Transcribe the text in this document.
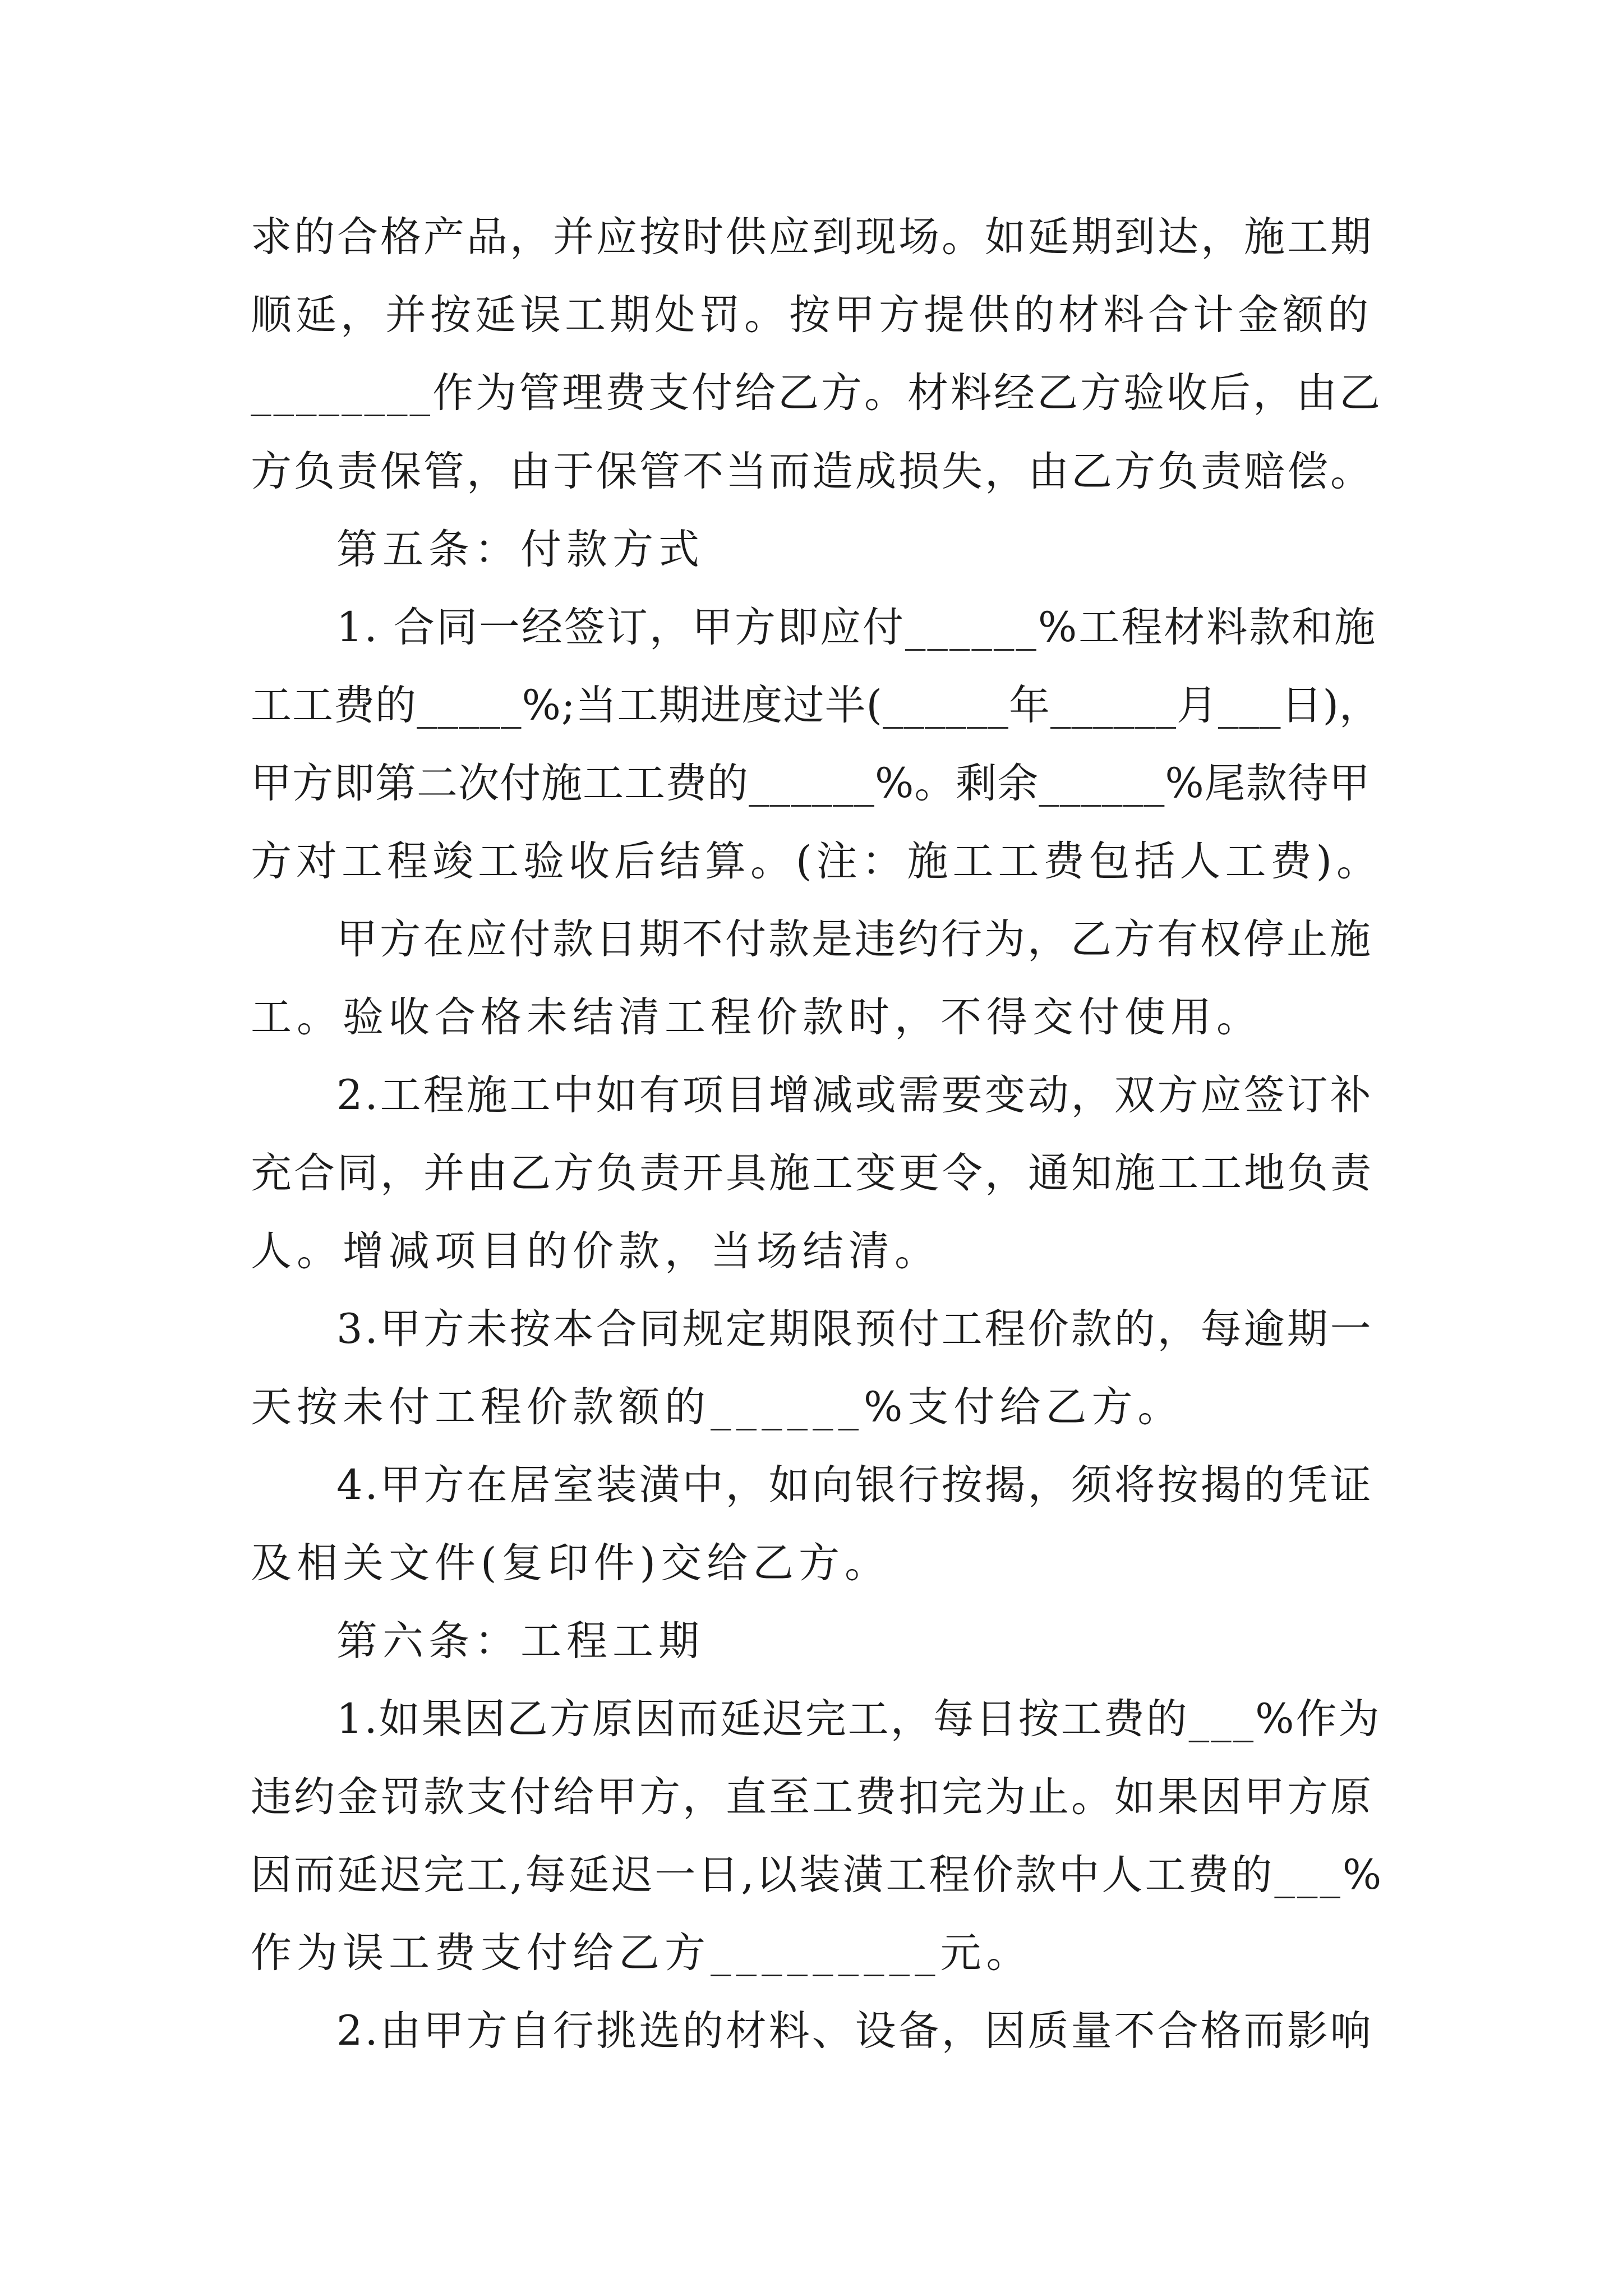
求的合格产品，并应按时供应到现场。如延期到达，施工期
顺延，并按延误工期处罚。按甲方提供的材料合计金额的
________作为管理费支付给乙方。材料经乙方验收后，由乙
方负责保管，由于保管不当而造成损失，由乙方负责赔偿。
第五条：付款方式
1. 合同一经签订，甲方即应付______%工程材料款和施
工工费的_____%;当工期进度过半(______年______月___日)，
甲方即第二次付施工工费的______%。剩余______%尾款待甲
方对工程竣工验收后结算。(注：施工工费包括人工费)。
甲方在应付款日期不付款是违约行为，乙方有权停止施
工。验收合格未结清工程价款时，不得交付使用。
2.工程施工中如有项目增减或需要变动，双方应签订补
充合同，并由乙方负责开具施工变更令，通知施工工地负责
人。增减项目的价款，当场结清。
3.甲方未按本合同规定期限预付工程价款的，每逾期一
天按未付工程价款额的______%支付给乙方。
4.甲方在居室装潢中，如向银行按揭，须将按揭的凭证
及相关文件(复印件)交给乙方。
第六条：工程工期
1.如果因乙方原因而延迟完工，每日按工费的___%作为
违约金罚款支付给甲方，直至工费扣完为止。如果因甲方原
因而延迟完工,每延迟一日,以装潢工程价款中人工费的___%
作为误工费支付给乙方_________元。
2.由甲方自行挑选的材料、设备，因质量不合格而影响
